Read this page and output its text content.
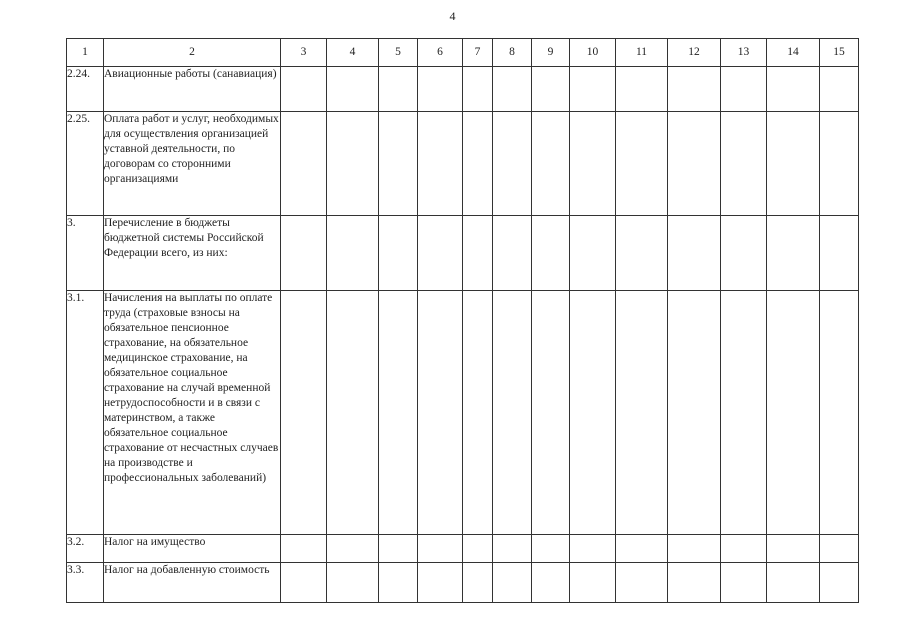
4
1	2	3	4	5	6	7	8	9	10	11	12	13	14	15
2.24.	Авиационные работы (санавиация)													
2.25.	Оплата работ и услуг, необходимых для осуществления организацией уставной деятельности, по договорам со сторонними организациями													
3.	Перечисление в бюджеты бюджетной системы Российской Федерации всего, из них:													
3.1.	Начисления на выплаты по оплате труда (страховые взносы на обязательное пенсионное страхование, на обязательное медицинское страхование, на обязательное социальное страхование на случай временной нетрудоспособности и в связи с материнством, а также обязательное социальное страхование от несчастных случаев на производстве и профессиональных заболеваний)													
3.2.	Налог на имущество													
3.3.	Налог на добавленную стоимость													
